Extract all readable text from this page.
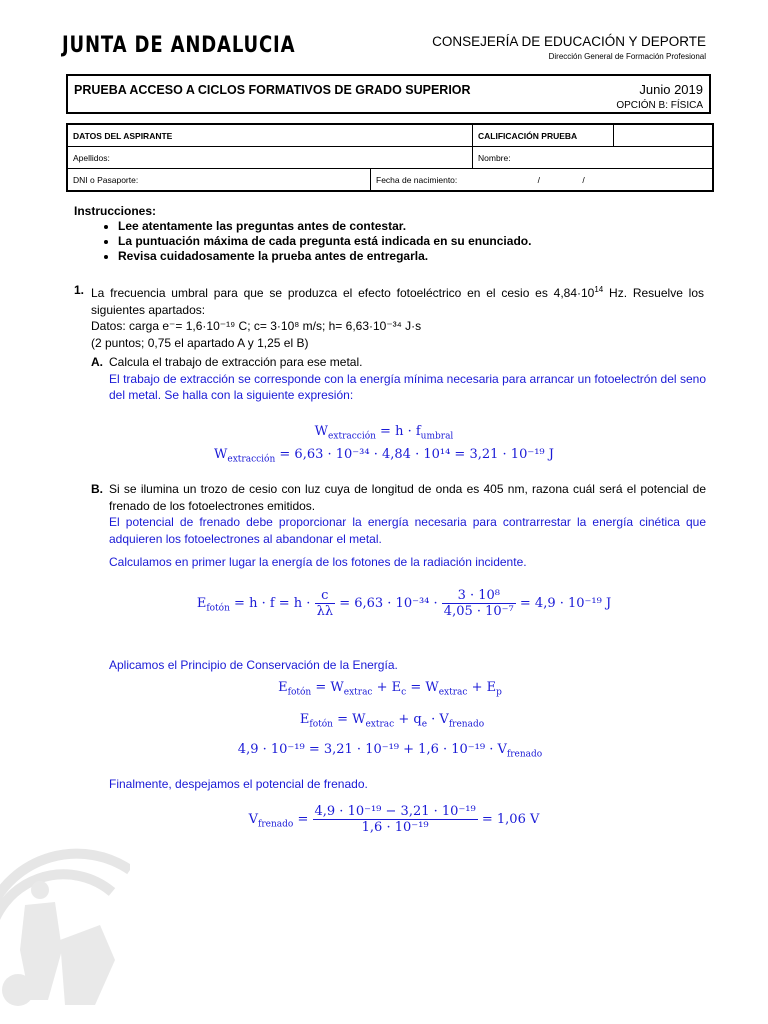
JUNTA DE ANDALUCIA	CONSEJERÍA DE EDUCACIÓN Y DEPORTE
Dirección General de Formación Profesional
PRUEBA ACCESO A CICLOS FORMATIVOS DE GRADO SUPERIOR	Junio 2019
OPCIÓN B: FÍSICA
DATOS DEL ASPIRANTE		CALIFICACIÓN PRUEBA	
Apellidos:		Nombre:	
DNI o Pasaporte:	Fecha de nacimiento: / /		
Instrucciones:
• Lee atentamente las preguntas antes de contestar.
• La puntuación máxima de cada pregunta está indicada en su enunciado.
• Revisa cuidadosamente la prueba antes de entregarla.
1. La frecuencia umbral para que se produzca el efecto fotoeléctrico en el cesio es $4,84\cdot 10^{14}$ Hz. Resuelve los siguientes apartados:
Datos: carga e⁻= 1,6·10⁻¹⁹ C; c= 3·10⁸ m/s; h= 6,63·10⁻³⁴ J·s
(2 puntos; 0,75 el apartado A y 1,25 el B)
A. Calcula el trabajo de extracción para ese metal.
El trabajo de extracción se corresponde con la energía mínima necesaria para arrancar un fotoelectrón del seno del metal. Se halla con la siguiente expresión:
$W_{extracción} = h \cdot f_{umbral}$
$W_{extracción} = 6,63 \cdot 10^{-34} \cdot 4,84 \cdot 10^{14} = 3,21 \cdot 10^{-19}$ J
B. Si se ilumina un trozo de cesio con luz cuya de longitud de onda es 405 nm, razona cuál será el potencial de frenado de los fotoelectrones emitidos.
El potencial de frenado debe proporcionar la energía necesaria para contrarrestar la energía cinética que adquieren los fotoelectrones al abandonar el metal.
Calculamos en primer lugar la energía de los fotones de la radiación incidente.
$E_{fotón} = h \cdot f = h \cdot \frac{c}{\lambda\lambda} = 6,63 \cdot 10^{-34} \cdot \frac{\text{3 · 10⁸}}{\text{4,05 · 10⁻⁷}} = 4,9 \cdot 10^{-19}$ J
Aplicamos el Principio de Conservación de la Energía.
$E_{fotón} = W_{extrac} + E_c = W_{extrac} + E_p$
$E_{fotón} = W_{extrac} + q_e \cdot V_{frenado}$
$4,9 \cdot 10^{-19} = 3,21 \cdot 10^{-19} + 1,6 \cdot 10^{-19} \cdot V_{frenado}$
Finalmente, despejamos el potencial de frenado.
$V_{frenado} = \frac{\text{4,9 · 10⁻¹⁹ − 3,21 · 10⁻¹⁹}}{\text{1,6 · 10⁻¹⁹}} = 1,06$ V
